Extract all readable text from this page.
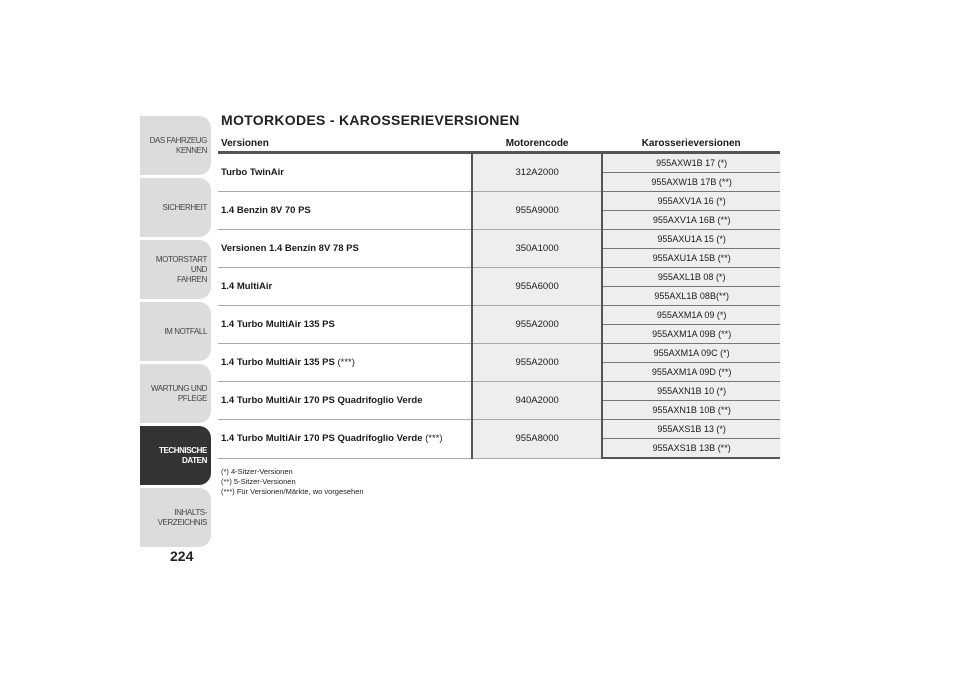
DAS FAHRZEUG
KENNEN
SICHERHEIT
MOTORSTART UND
FAHREN
IM NOTFALL
WARTUNG UND
PFLEGE
TECHNISCHE
DATEN
INHALTS-
VERZEICHNIS
224
MOTORKODES - KAROSSERIEVERSIONEN
Versionen	Motorencode	Karosserieversionen
Turbo TwinAir	312A2000	955AXW1B 17 (*)
		955AXW1B 17B (**)
1.4 Benzin 8V 70 PS	955A9000	955AXV1A 16 (*)
		955AXV1A 16B (**)
Versionen 1.4 Benzin 8V 78 PS	350A1000	955AXU1A 15 (*)
		955AXU1A 15B (**)
1.4 MultiAir	955A6000	955AXL1B 08 (*)
		955AXL1B 08B(**)
1.4 Turbo MultiAir 135 PS	955A2000	955AXM1A 09 (*)
		955AXM1A 09B (**)
1.4 Turbo MultiAir 135 PS (***)	955A2000	955AXM1A 09C (*)
		955AXM1A 09D (**)
1.4 Turbo MultiAir 170 PS Quadrifoglio Verde	940A2000	955AXN1B 10 (*)
		955AXN1B 10B (**)
1.4 Turbo MultiAir 170 PS Quadrifoglio Verde (***)	955A8000	955AXS1B 13 (*)
		955AXS1B 13B (**)
(*) 4-Sitzer-Versionen
(**) 5-Sitzer-Versionen
(***) Für Versionen/Märkte, wo vorgesehen
